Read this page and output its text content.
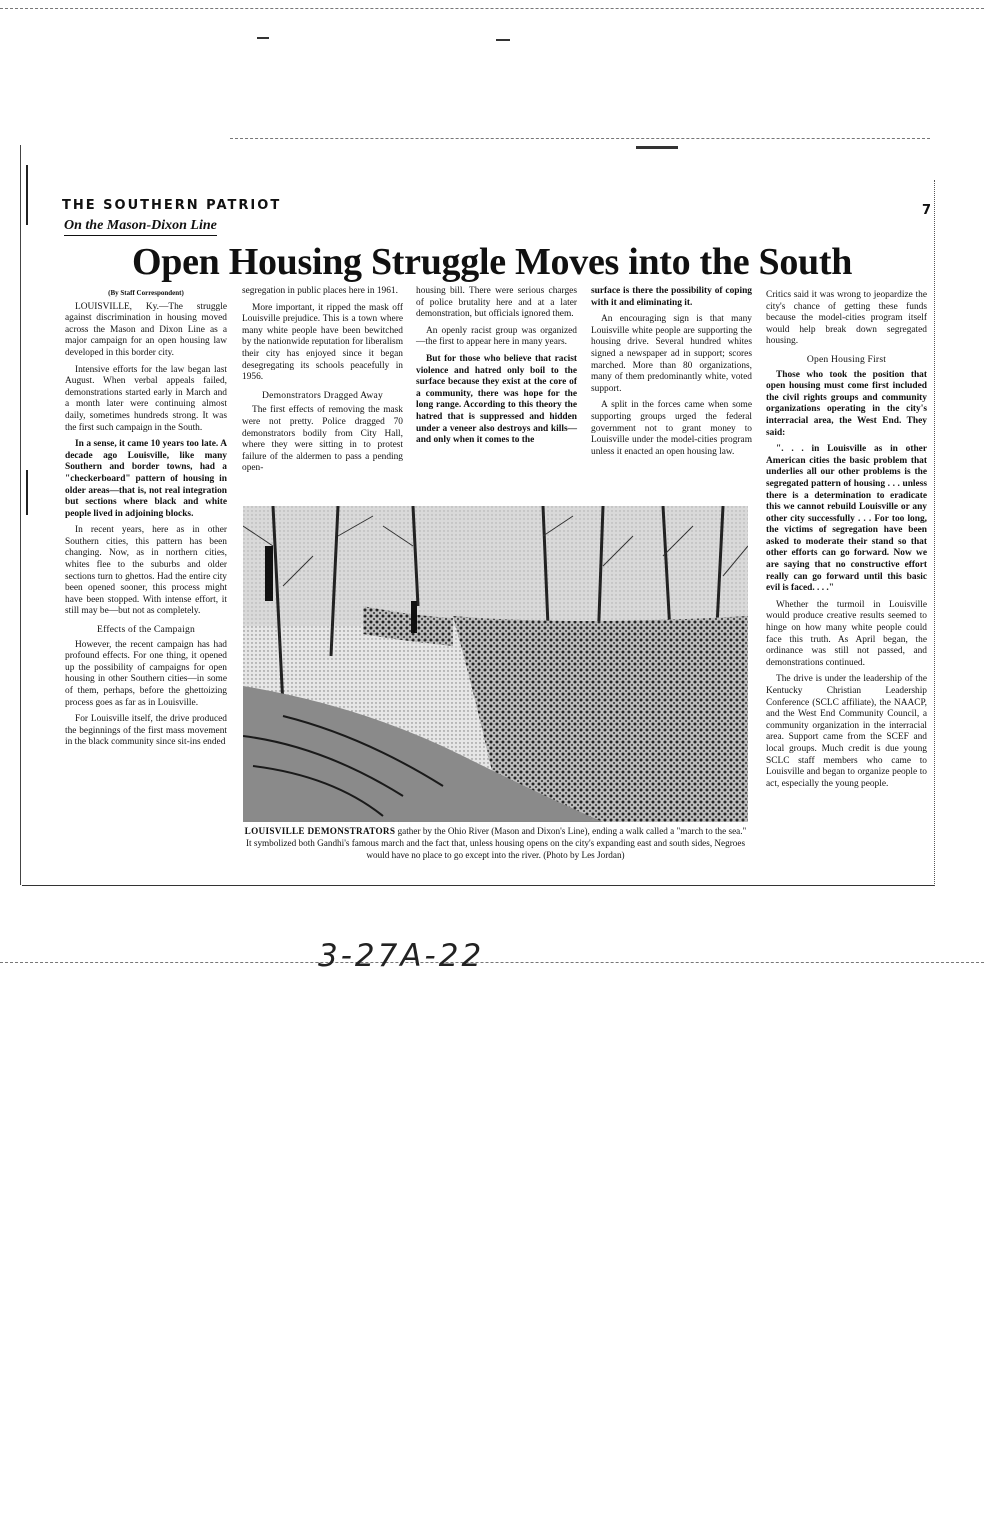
THE SOUTHERN PATRIOT	7
On the Mason-Dixon Line
Open Housing Struggle Moves into the South

(By Staff Correspondent)

LOUISVILLE, Ky.—The struggle against discrimination in housing moved across the Mason and Dixon Line as a major campaign for an open housing law developed in this border city.

Intensive efforts for the law began last August. When verbal appeals failed, demonstrations started early in March and a month later were continuing almost daily, sometimes hundreds strong. It was the first such campaign in the South.

In a sense, it came 10 years too late. A decade ago Louisville, like many Southern and border towns, had a "checkerboard" pattern of housing in older areas—that is, not real integration but sections where black and white people lived in adjoining blocks.

In recent years, here as in other Southern cities, this pattern has been changing. Now, as in northern cities, whites flee to the suburbs and older sections turn to ghettos. Had the entire city been opened sooner, this process might have been stopped. With intense effort, it still may be—but not as completely.

Effects of the Campaign

However, the recent campaign has had profound effects. For one thing, it opened up the possibility of campaigns for open housing in other Southern cities—in some of them, perhaps, before the ghettoizing process goes as far as in Louisville.

For Louisville itself, the drive produced the beginnings of the first mass movement in the black community since sit-ins ended

segregation in public places here in 1961.

More important, it ripped the mask off Louisville prejudice. This is a town where many white people have been bewitched by the nationwide reputation for liberalism their city has enjoyed since it began desegregating its schools peacefully in 1956.

Demonstrators Dragged Away

The first effects of removing the mask were not pretty. Police dragged 70 demonstrators bodily from City Hall, where they were sitting in to protest failure of the aldermen to pass a pending open-

housing bill. There were serious charges of police brutality here and at a later demonstration, but officials ignored them.

An openly racist group was organized—the first to appear here in many years.

But for those who believe that racist violence and hatred only boil to the surface because they exist at the core of a community, there was hope for the long range. According to this theory the hatred that is suppressed and hidden under a veneer also destroys and kills—and only when it comes to the

surface is there the possibility of coping with it and eliminating it.

An encouraging sign is that many Louisville white people are supporting the housing drive. Several hundred whites signed a newspaper ad in support; scores marched. More than 80 organizations, many of them predominantly white, voted support.

A split in the forces came when some supporting groups urged the federal government not to grant money to Louisville under the model-cities program unless it enacted an open housing law.

Critics said it was wrong to jeopardize the city's chance of getting these funds because the model-cities program itself would help break down segregated housing.

Open Housing First

Those who took the position that open housing must come first included the civil rights groups and community organizations operating in the city's interracial area, the West End. They said:

". . . in Louisville as in other American cities the basic problem that underlies all our other problems is the segregated pattern of housing . . . unless there is a determination to eradicate this we cannot rebuild Louisville or any other city successfully . . . For too long, the victims of segregation have been asked to moderate their stand so that other efforts can go forward. Now we are saying that no constructive effort really can go forward until this basic evil is faced. . . ."

Whether the turmoil in Louisville would produce creative results seemed to hinge on how many white people could face this truth. As April began, the ordinance was still not passed, and demonstrations continued.

The drive is under the leadership of the Kentucky Christian Leadership Conference (SCLC affiliate), the NAACP, and the West End Community Council, a community organization in the interracial area. Support came from the SCEF and local groups. Much credit is due young SCLC staff members who came to Louisville and began to organize people to act, especially the young people.

LOUISVILLE DEMONSTRATORS gather by the Ohio River (Mason and Dixon's Line), ending a walk called a "march to the sea." It symbolized both Gandhi's famous march and the fact that, unless housing opens on the city's expanding east and south sides, Negroes would have no place to go except into the river. (Photo by Les Jordan)
3-27A-22
